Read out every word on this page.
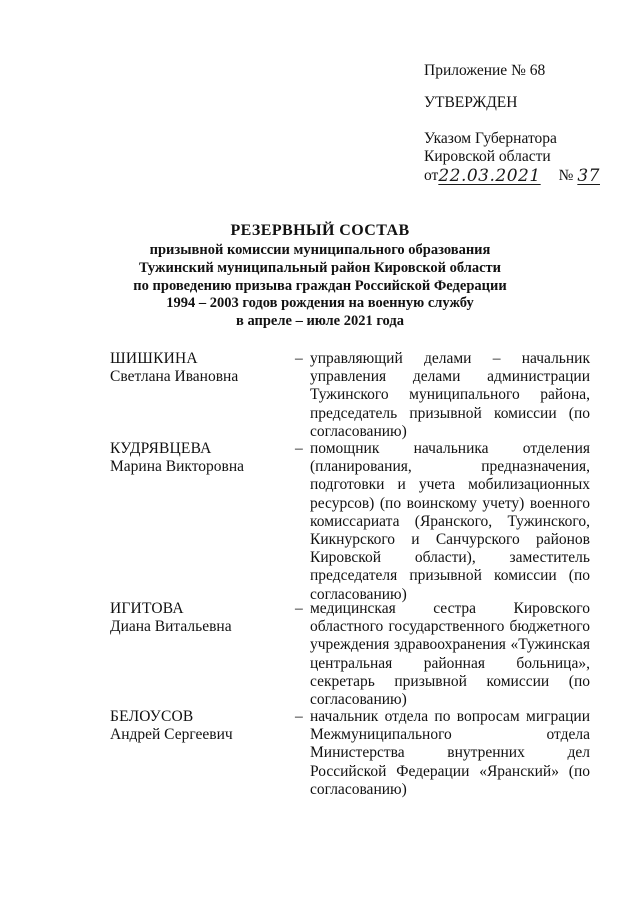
Приложение № 68
УТВЕРЖДЕН
Указом Губернатора
Кировской области
от22.03.2021 № 37
РЕЗЕРВНЫЙ СОСТАВ
призывной комиссии муниципального образования
Тужинский муниципальный район Кировской области
по проведению призыва граждан Российской Федерации
1994 – 2003 годов рождения на военную службу
в апреле – июле 2021 года
ШИШКИНА
Светлана Ивановна
– управляющий делами – начальник управления делами администрации Тужинского муниципального района, председатель призывной комиссии (по согласованию)
КУДРЯВЦЕВА
Марина Викторовна
– помощник начальника отделения (планирования, предназначения, подготовки и учета мобилизационных ресурсов) (по воинскому учету) военного комиссариата (Яранского, Тужинского, Кикнурского и Санчурского районов Кировской области), заместитель председателя призывной комиссии (по согласованию)
ИГИТОВА
Диана Витальевна
– медицинская сестра Кировского областного государственного бюджетного учреждения здравоохранения «Тужинская центральная районная больница», секретарь призывной комиссии (по согласованию)
БЕЛОУСОВ
Андрей Сергеевич
– начальник отдела по вопросам миграции Межмуниципального отдела Министерства внутренних дел Российской Федерации «Яранский» (по согласованию)
